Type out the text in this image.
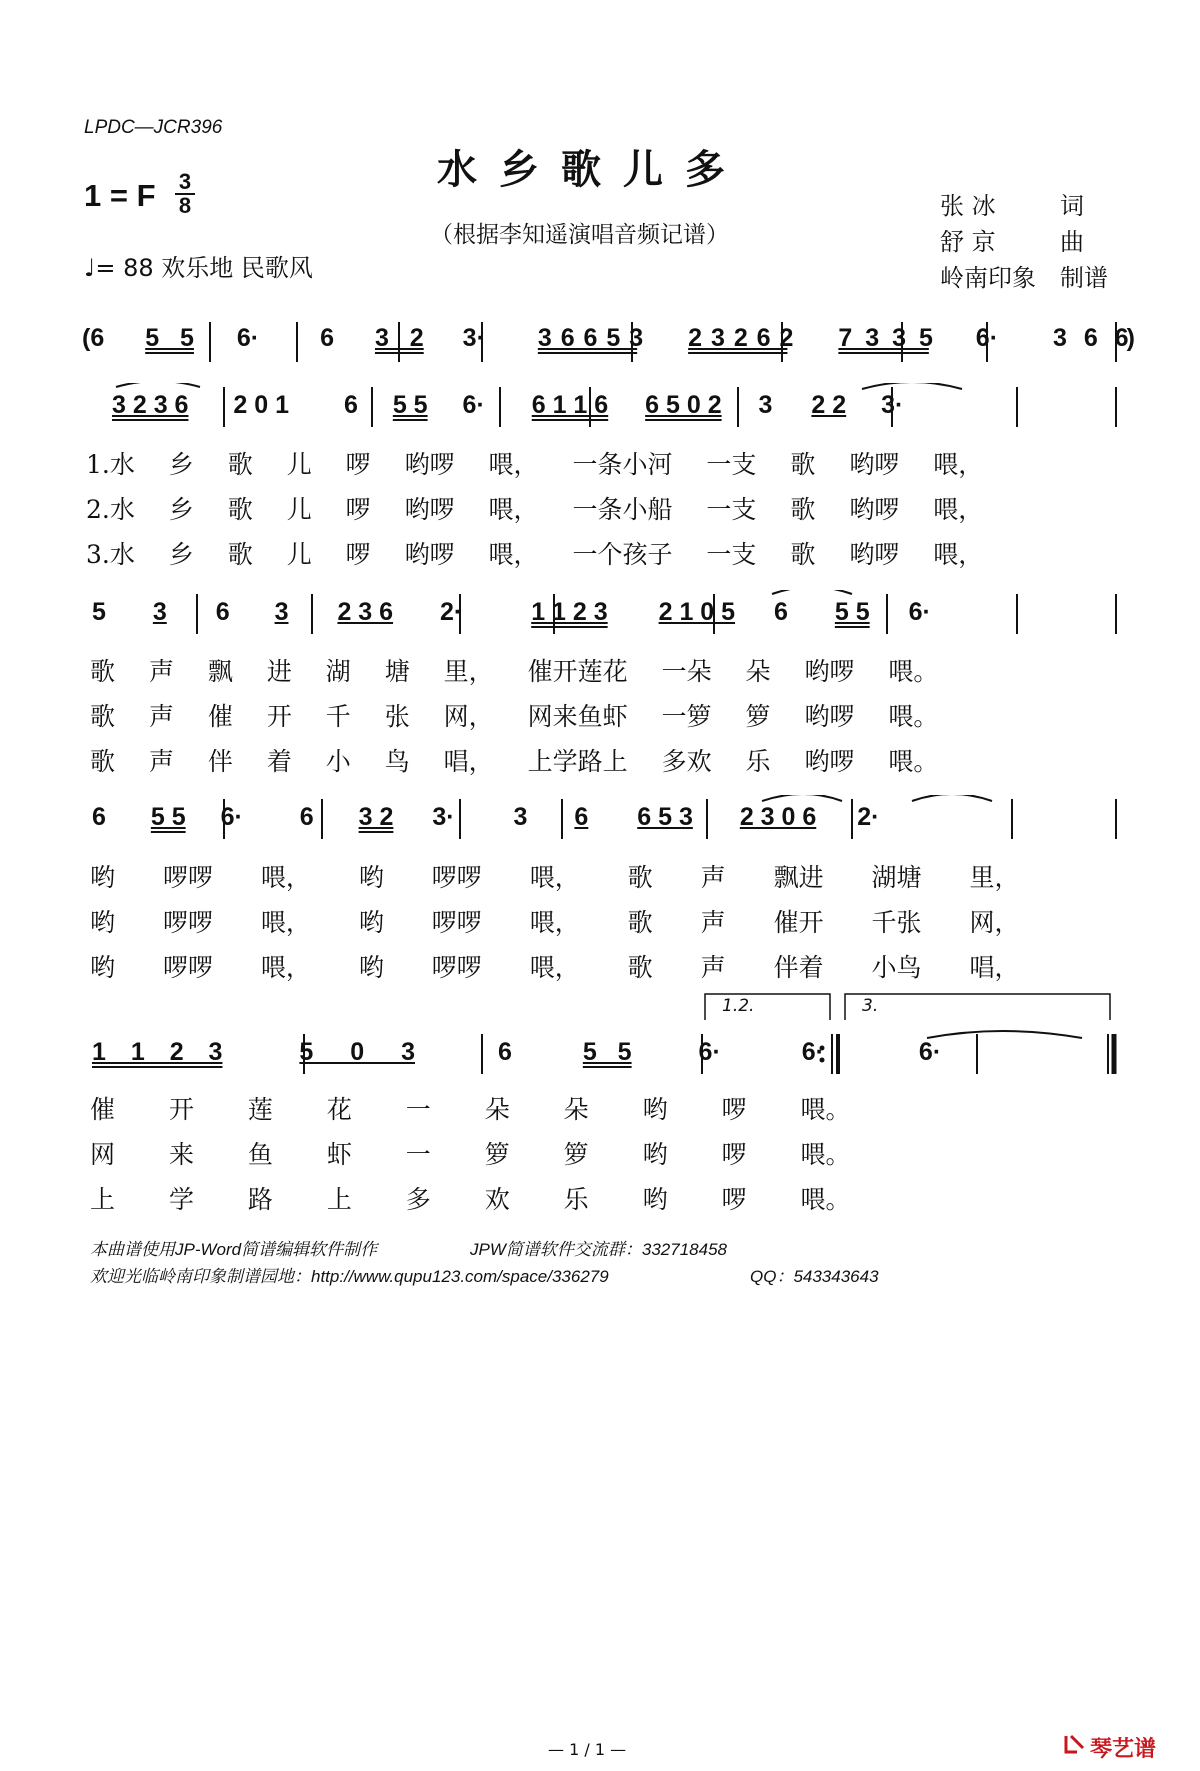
LPDC—JCR396
水乡歌儿多
（根据李知遥演唱音频记谱）
1 = F 3
8
♩= 88 欢乐地 民歌风
张 冰	词
舒 京	曲
岭南印象 制谱
(6 5 5 6· 6 3 2 3· 3 6 6 5 3 2 3 2 6 2 7 3 3 5 6· 3 6 6)
3 2 3 6 2 0 1 6 5 5 6· 6 1 1 6 6 5 0 2 3 2 2 3·
1.水 乡 歌 儿 啰 哟啰 喂， 一条小河 一支 歌 哟啰 喂，
2.水 乡 歌 儿 啰 哟啰 喂， 一条小船 一支 歌 哟啰 喂，
3.水 乡 歌 儿 啰 哟啰 喂， 一个孩子 一支 歌 哟啰 喂，
5 3 6 3 2 3 6 2·	1 1 2 3 2 1 0 5 6 5 5 6·
歌 声 飘 进 湖 塘 里， 催开莲花 一朵 朵 哟啰 喂。
歌 声 催 开 千 张 网， 网来鱼虾 一箩 箩 哟啰 喂。
歌 声 伴 着 小 鸟 唱， 上学路上 多欢 乐 哟啰 喂。
6 5 5 6· 6 3 2 3· 3 6 6 5 3 2 3 0 6 2·
哟 啰啰 喂， 哟 啰啰 喂， 歌 声 飘进 湖塘 里，
哟 啰啰 喂， 哟 啰啰 喂， 歌 声 催开 千张 网，
哟 啰啰 喂， 哟 啰啰 喂， 歌 声 伴着 小鸟 唱，
1.2.	3.
1 1 2 3	5 0 3	6	5 5	6·	6·	6·
催 开 莲 花 一 朵 朵 哟 啰 喂。
网 来 鱼 虾 一 箩 箩 哟 啰 喂。
上 学 路 上 多 欢 乐 哟 啰 喂。
本曲谱使用JP-Word简谱编辑软件制作	JPW简谱软件交流群：332718458
欢迎光临岭南印象制谱园地：http://www.qupu123.com/space/336279	QQ：543343643
— 1 / 1 —	琴艺谱
